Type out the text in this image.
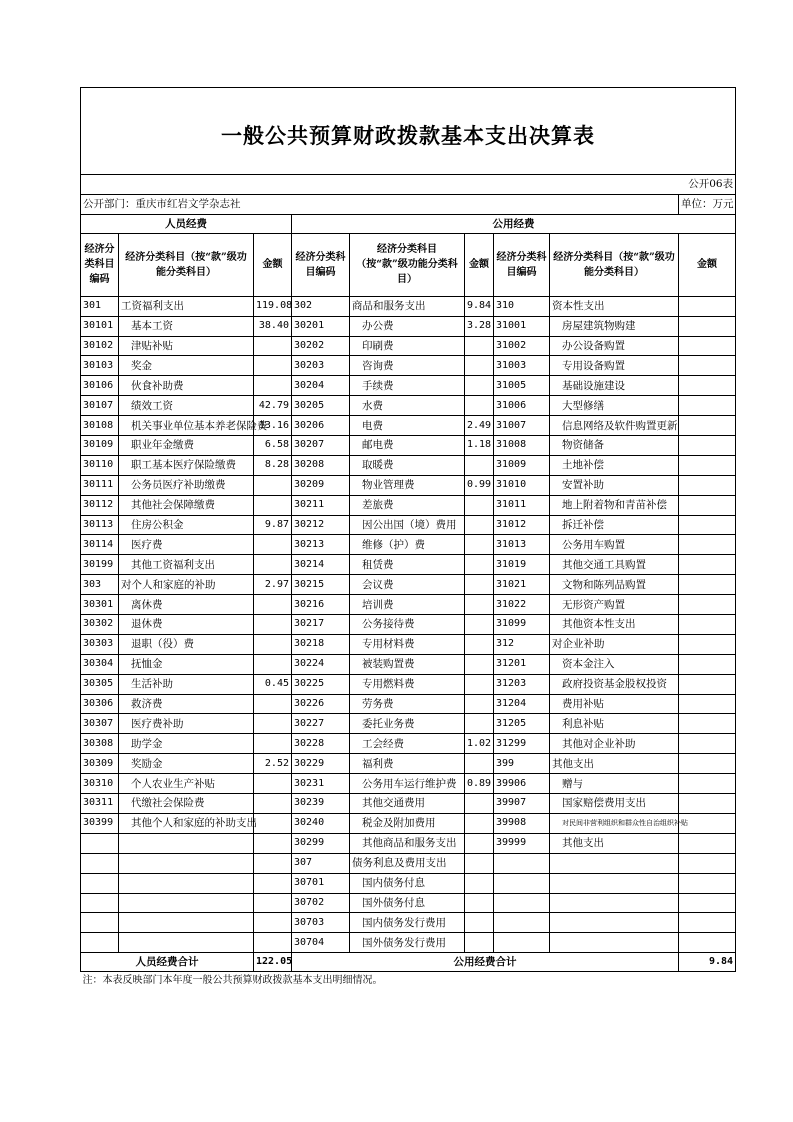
一般公共预算财政拨款基本支出决算表								
公开06表								
公开部门：重庆市红岩文学杂志社								单位：万元
人员经费			公用经费					
经济分类科目编码	经济分类科目（按“款”级功能分类科目）	金额	经济分类科目编码	经济分类科目（按“款”级功能分类科目）	金额	经济分类科目编码	经济分类科目（按“款”级功能分类科目）	金额
301	工资福利支出	119.08	302	商品和服务支出	9.84	310	资本性支出	
30101	基本工资	38.40	30201	办公费	3.28	31001	房屋建筑物购建	
30102	津贴补贴		30202	印刷费		31002	办公设备购置	
30103	奖金		30203	咨询费		31003	专用设备购置	
30106	伙食补助费		30204	手续费		31005	基础设施建设	
30107	绩效工资	42.79	30205	水费		31006	大型修缮	
30108	机关事业单位基本养老保险费	13.16	30206	电费	2.49	31007	信息网络及软件购置更新	
30109	职业年金缴费	6.58	30207	邮电费	1.18	31008	物资储备	
30110	职工基本医疗保险缴费	8.28	30208	取暖费		31009	土地补偿	
30111	公务员医疗补助缴费		30209	物业管理费	0.99	31010	安置补助	
30112	其他社会保障缴费		30211	差旅费		31011	地上附着物和青苗补偿	
30113	住房公积金	9.87	30212	因公出国（境）费用		31012	拆迁补偿	
30114	医疗费		30213	维修（护）费		31013	公务用车购置	
30199	其他工资福利支出		30214	租赁费		31019	其他交通工具购置	
303	对个人和家庭的补助	2.97	30215	会议费		31021	文物和陈列品购置	
30301	离休费		30216	培训费		31022	无形资产购置	
30302	退休费		30217	公务接待费		31099	其他资本性支出	
30303	退职（役）费		30218	专用材料费		312	对企业补助	
30304	抚恤金		30224	被装购置费		31201	资本金注入	
30305	生活补助	0.45	30225	专用燃料费		31203	政府投资基金股权投资	
30306	救济费		30226	劳务费		31204	费用补贴	
30307	医疗费补助		30227	委托业务费		31205	利息补贴	
30308	助学金		30228	工会经费	1.02	31299	其他对企业补助	
30309	奖励金	2.52	30229	福利费		399	其他支出	
30310	个人农业生产补贴		30231	公务用车运行维护费	0.89	39906	赠与	
30311	代缴社会保险费		30239	其他交通费用		39907	国家赔偿费用支出	
30399	其他个人和家庭的补助支出		30240	税金及附加费用		39908	对民间非营利组织和群众性自治组织补贴	
			30299	其他商品和服务支出		39999	其他支出	
			307	债务利息及费用支出				
			30701	国内债务付息				
			30702	国外债务付息				
			30703	国内债务发行费用				
			30704	国外债务发行费用				
人员经费合计		122.05	公用经费合计					9.84
注：本表反映部门本年度一般公共预算财政拨款基本支出明细情况。								
